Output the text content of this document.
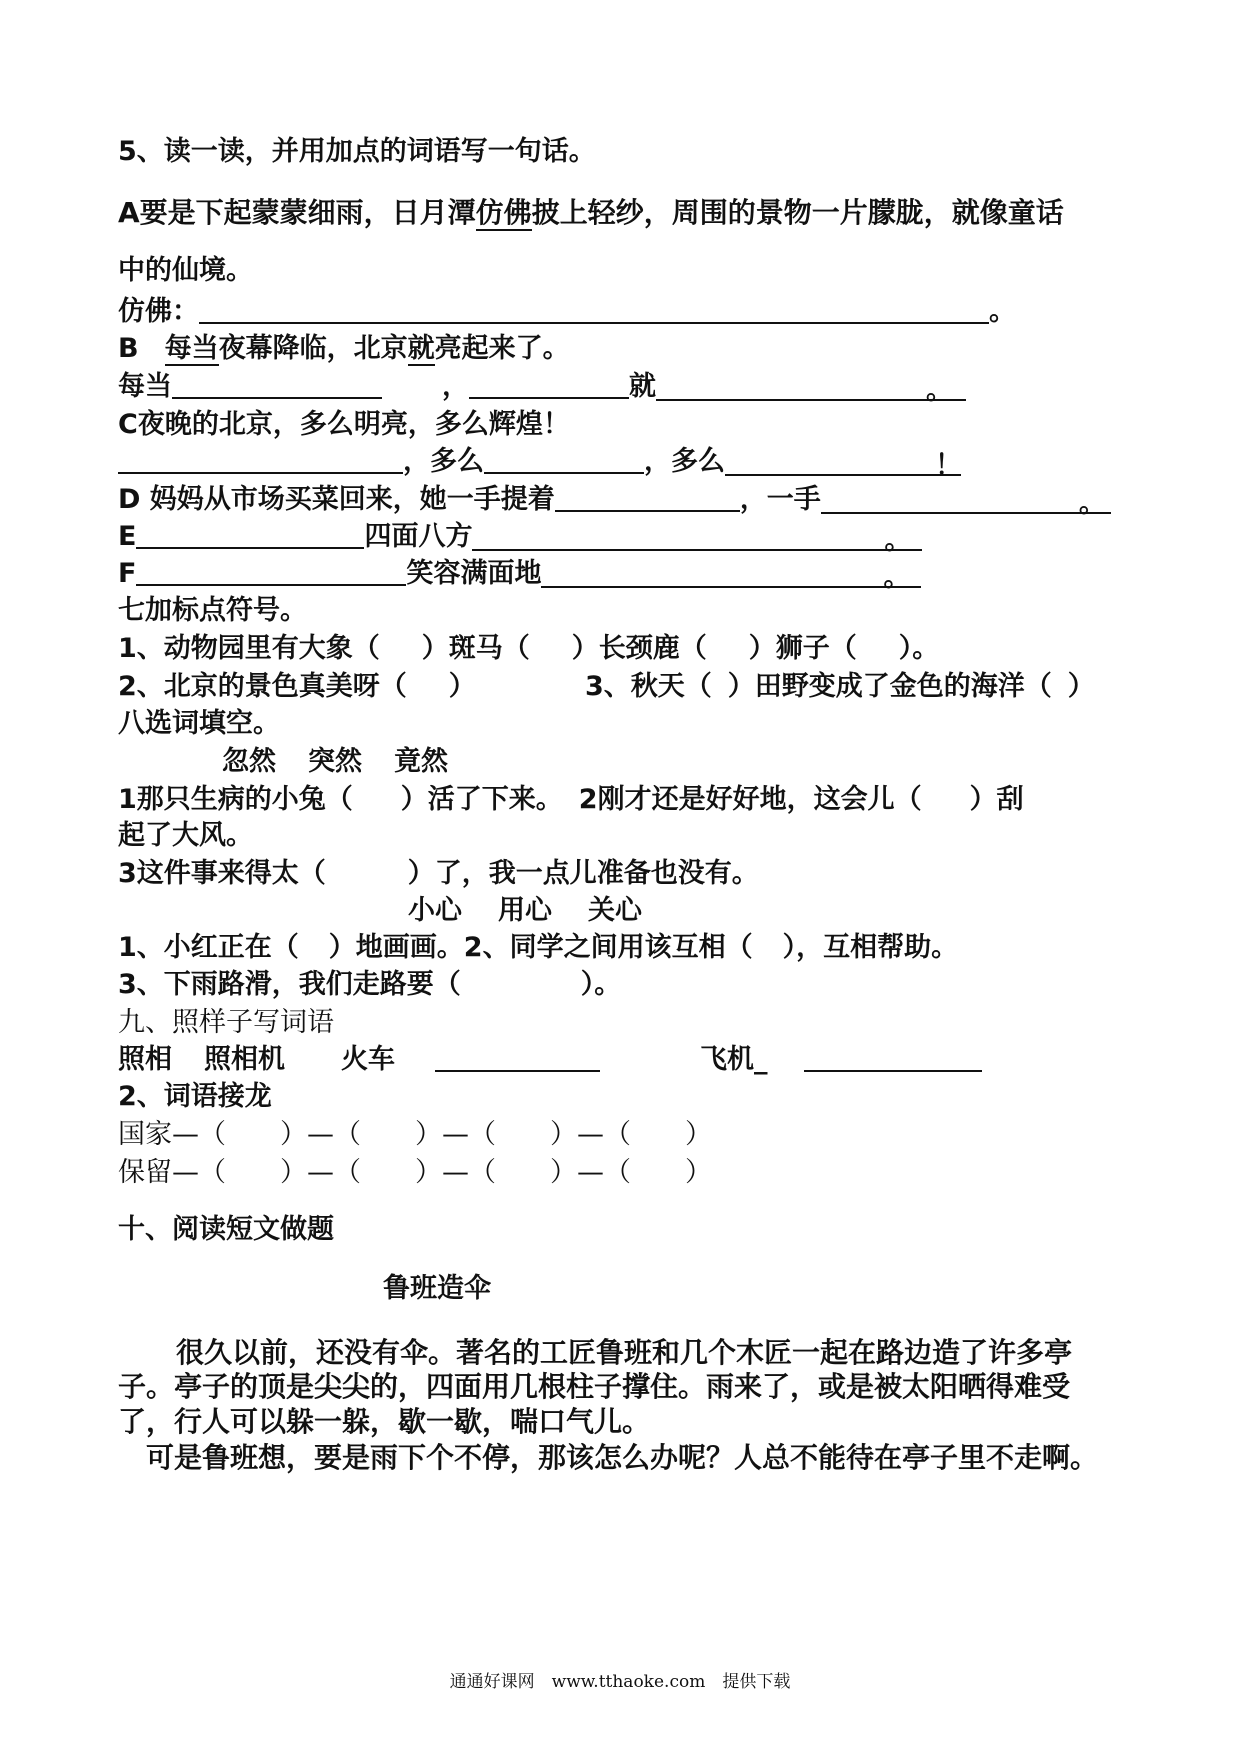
5、读一读，并用加点的词语写一句话。
A要是下起蒙蒙细雨，日月潭仿佛披上轻纱，周围的景物一片朦胧，就像童话
中的仙境。
仿佛：	。
B 每当夜幕降临，北京就亮起来了。
每当	，	就	。
C夜晚的北京，多么明亮，多么辉煌！
，多么	，多么	！
D 妈妈从市场买菜回来，她一手提着	，一手	。
E	四面八方	。
F	笑容满面地	。
七加标点符号。
1、动物园里有大象（ ）斑马（ ）长颈鹿（ ）狮子（ ）。
2、北京的景色真美呀（ ）	3、秋天（ ）田野变成了金色的海洋（ ）
八选词填空。
忽然 突然 竟然
1那只生病的小兔（ ）活了下来。 2刚才还是好好地，这会儿（ ）刮
起了大风。
3这件事来得太（	）了，我一点儿准备也没有。
小心 用心 关心
1、小红正在（ ）地画画。2、同学之间用该互相（ ），互相帮助。
3、下雨路滑，我们走路要（	）。
九、照样子写词语
照相 照相机 火车	飞机_
2、词语接龙
国家—（　　）—（　　）—（　　）—（　　）
保留—（　　）—（　　）—（　　）—（　　）
十、阅读短文做题
鲁班造伞
很久以前，还没有伞。著名的工匠鲁班和几个木匠一起在路边造了许多亭
子。亭子的顶是尖尖的，四面用几根柱子撑住。雨来了，或是被太阳晒得难受
了，行人可以躲一躲，歇一歇，喘口气儿。
可是鲁班想，要是雨下个不停，那该怎么办呢？人总不能待在亭子里不走啊。
通通好课网　www.tthaoke.com　提供下载
